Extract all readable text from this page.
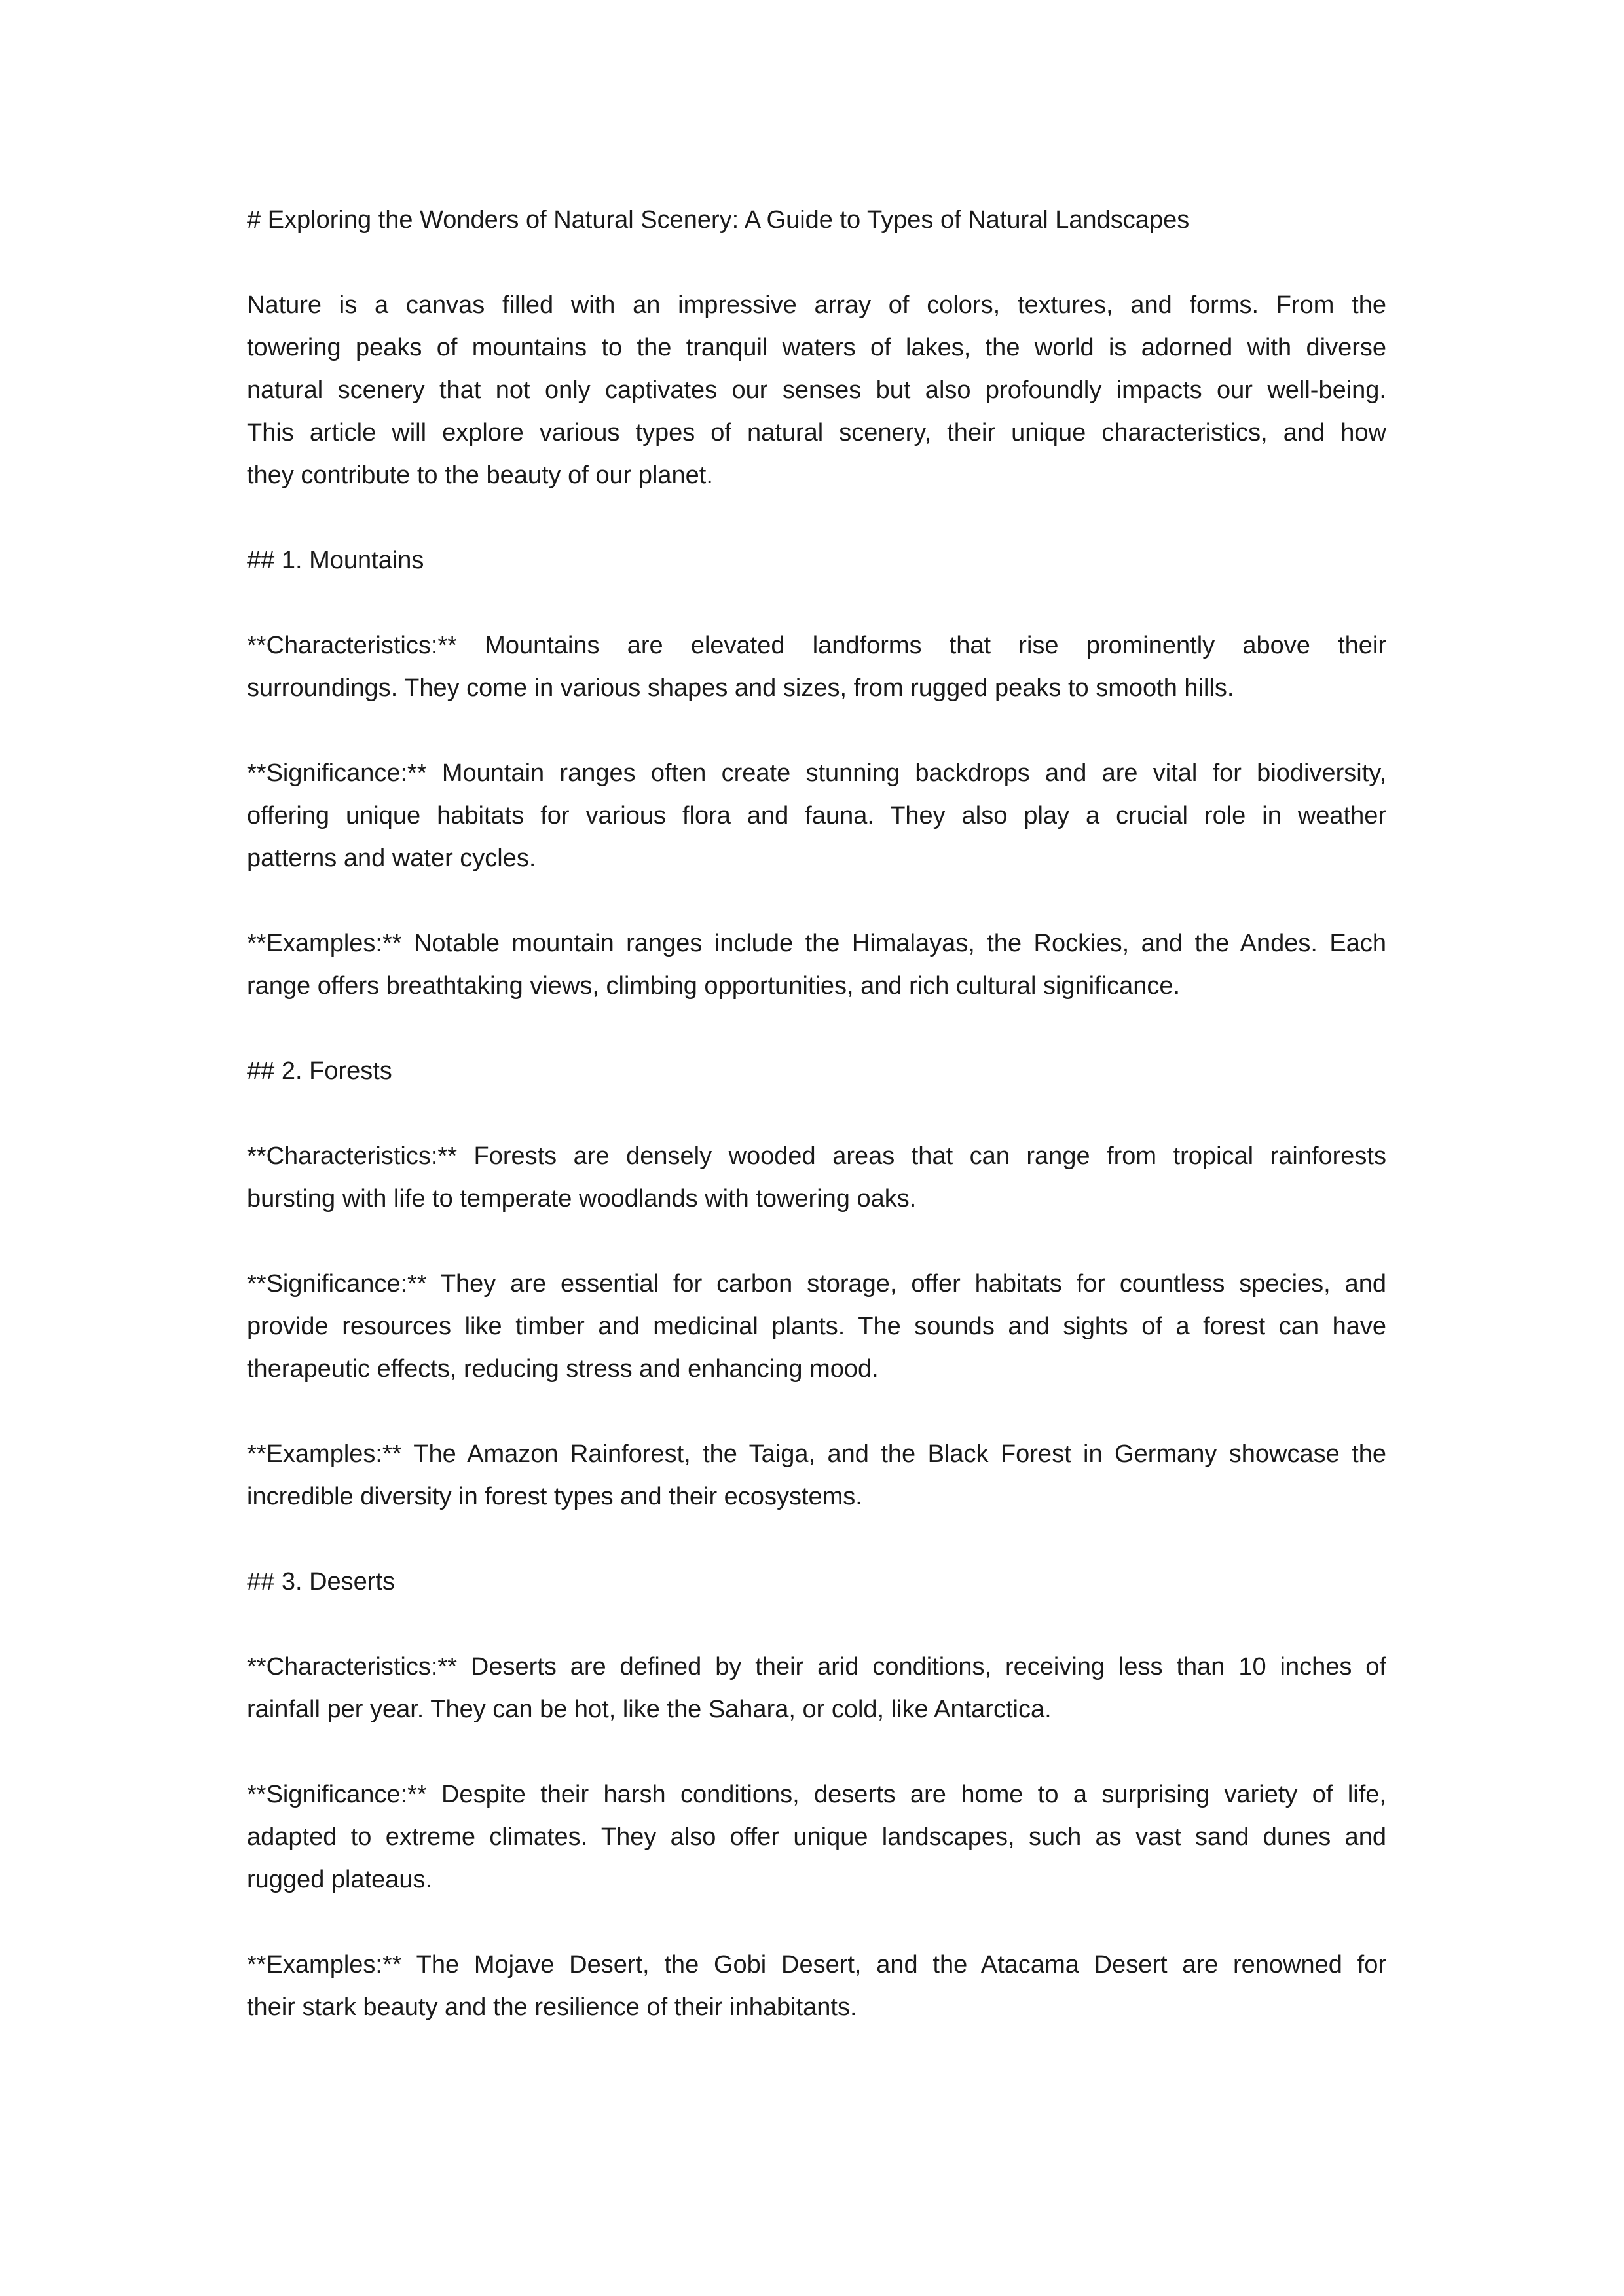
# Exploring the Wonders of Natural Scenery: A Guide to Types of Natural Landscapes
Nature is a canvas filled with an impressive array of colors, textures, and forms. From the
towering peaks of mountains to the tranquil waters of lakes, the world is adorned with diverse
natural scenery that not only captivates our senses but also profoundly impacts our well-being.
This article will explore various types of natural scenery, their unique characteristics, and how
they contribute to the beauty of our planet.
## 1. Mountains
**Characteristics:** Mountains are elevated landforms that rise prominently above their
surroundings. They come in various shapes and sizes, from rugged peaks to smooth hills.
**Significance:** Mountain ranges often create stunning backdrops and are vital for biodiversity,
offering unique habitats for various flora and fauna. They also play a crucial role in weather
patterns and water cycles.
**Examples:** Notable mountain ranges include the Himalayas, the Rockies, and the Andes. Each
range offers breathtaking views, climbing opportunities, and rich cultural significance.
## 2. Forests
**Characteristics:** Forests are densely wooded areas that can range from tropical rainforests
bursting with life to temperate woodlands with towering oaks.
**Significance:** They are essential for carbon storage, offer habitats for countless species, and
provide resources like timber and medicinal plants. The sounds and sights of a forest can have
therapeutic effects, reducing stress and enhancing mood.
**Examples:** The Amazon Rainforest, the Taiga, and the Black Forest in Germany showcase the
incredible diversity in forest types and their ecosystems.
## 3. Deserts
**Characteristics:** Deserts are defined by their arid conditions, receiving less than 10 inches of
rainfall per year. They can be hot, like the Sahara, or cold, like Antarctica.
**Significance:** Despite their harsh conditions, deserts are home to a surprising variety of life,
adapted to extreme climates. They also offer unique landscapes, such as vast sand dunes and
rugged plateaus.
**Examples:** The Mojave Desert, the Gobi Desert, and the Atacama Desert are renowned for
their stark beauty and the resilience of their inhabitants.
